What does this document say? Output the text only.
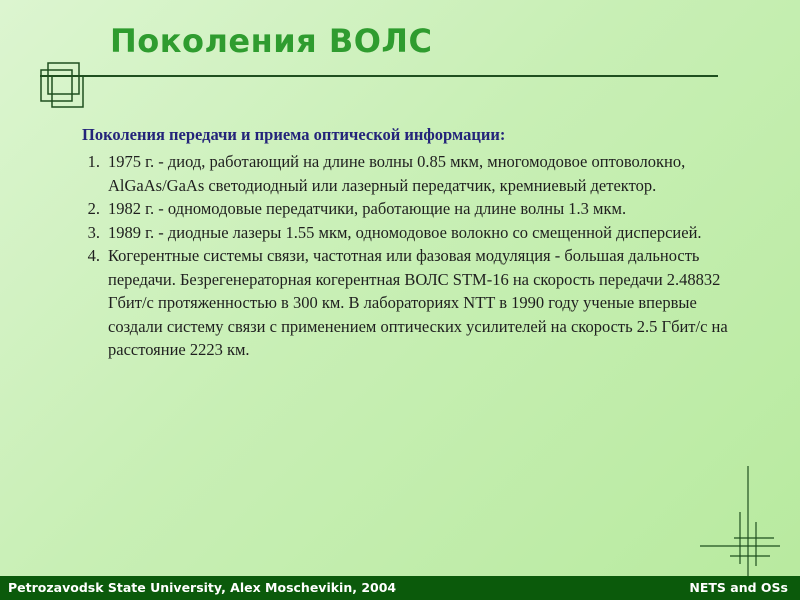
Поколения ВОЛС
Поколения передачи и приема оптической информации:
1. 1975 г. - диод, работающий на длине волны 0.85 мкм, многомодовое оптоволокно, AlGaAs/GaAs светодиодный или лазерный передатчик, кремниевый детектор.
2. 1982 г. - одномодовые передатчики, работающие на длине волны 1.3 мкм.
3. 1989 г. - диодные лазеры 1.55 мкм, одномодовое волокно со смещенной дисперсией.
4. Когерентные системы связи, частотная или фазовая модуляция - большая дальность передачи. Безрегенераторная когерентная ВОЛС STM-16 на скорость передачи 2.48832 Гбит/с протяженностью в 300 км. В лабораториях NTT в 1990 году ученые впервые создали систему связи с применением оптических усилителей на скорость 2.5 Гбит/с на расстояние 2223 км.
Petrozavodsk State University, Alex Moschevikin, 2004	NETS and OSs
